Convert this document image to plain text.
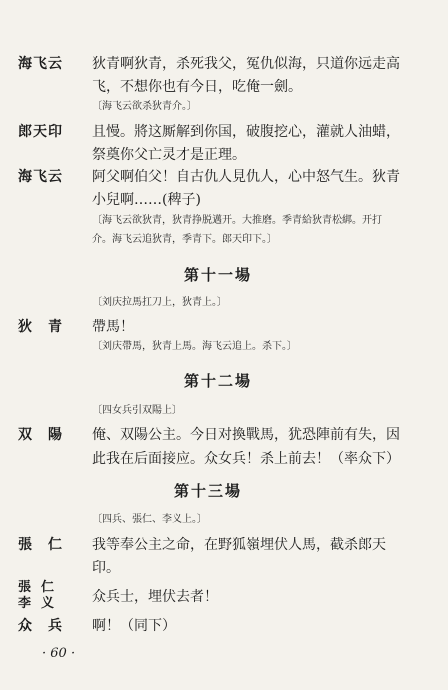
海飞云 狄青啊狄青，杀死我父，冤仇似海，只道你远走高
飞，不想你也有今日，吃俺一劍。
〔海飞云欲杀狄青介。〕
郎天印 且慢。將这厮解到你国，破腹挖心，灌就人油蜡，
祭奠你父亡灵才是正理。
海飞云 阿父啊伯父！自古仇人見仇人，心中怒气生。狄青
小兒啊……(稗子)
〔海飞云欲狄青，狄青挣脱邁开。大推磨。季青給狄青松綁。开打
介。海飞云追狄青，季青下。郎天印下。〕
第十一場
〔刘庆拉馬扛刀上，狄青上。〕
狄　青 帶馬！
〔刘庆帶馬，狄青上馬。海飞云追上。杀下。〕
第十二場
〔四女兵引双陽上〕
双　陽 俺、双陽公主。今日对換戰馬，犹恐陣前有失，因
此我在后面接应。众女兵！杀上前去！（率众下）
第十三場
〔四兵、張仁、李义上。〕
張　仁 我等奉公主之命，在野狐嶺埋伏人馬，截杀郎天
印。
張仁
李义 众兵士，埋伏去者！
众　兵 啊！（同下）
· 60 ·
